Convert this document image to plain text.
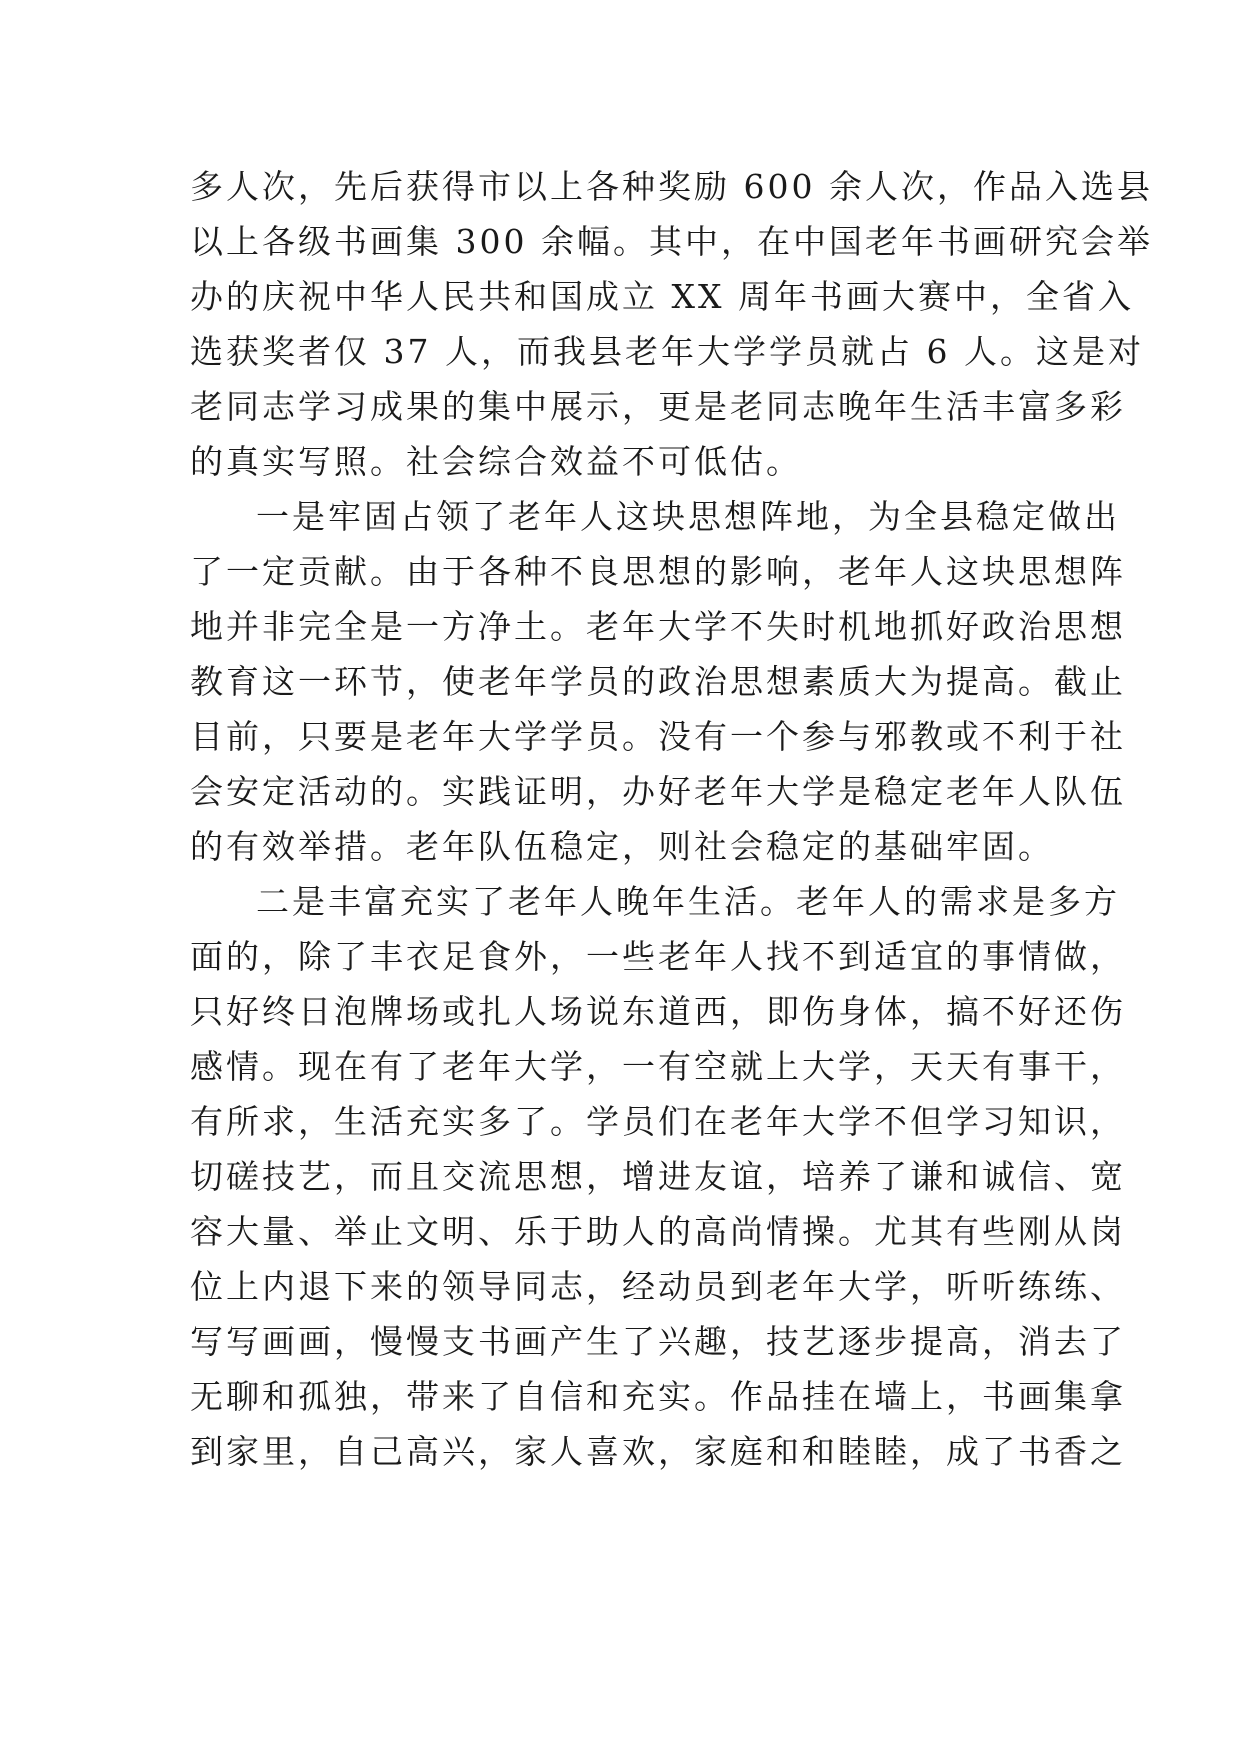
多人次，先后获得市以上各种奖励 600 余人次，作品入选县
以上各级书画集 300 余幅。其中，在中国老年书画研究会举
办的庆祝中华人民共和国成立 XX 周年书画大赛中，全省入
选获奖者仅 37 人，而我县老年大学学员就占 6 人。这是对
老同志学习成果的集中展示，更是老同志晚年生活丰富多彩
的真实写照。社会综合效益不可低估。
一是牢固占领了老年人这块思想阵地，为全县稳定做出
了一定贡献。由于各种不良思想的影响，老年人这块思想阵
地并非完全是一方净土。老年大学不失时机地抓好政治思想
教育这一环节，使老年学员的政治思想素质大为提高。截止
目前，只要是老年大学学员。没有一个参与邪教或不利于社
会安定活动的。实践证明，办好老年大学是稳定老年人队伍
的有效举措。老年队伍稳定，则社会稳定的基础牢固。
二是丰富充实了老年人晚年生活。老年人的需求是多方
面的，除了丰衣足食外，一些老年人找不到适宜的事情做，
只好终日泡牌场或扎人场说东道西，即伤身体，搞不好还伤
感情。现在有了老年大学，一有空就上大学，天天有事干，
有所求，生活充实多了。学员们在老年大学不但学习知识，
切磋技艺，而且交流思想，增进友谊，培养了谦和诚信、宽
容大量、举止文明、乐于助人的高尚情操。尤其有些刚从岗
位上内退下来的领导同志，经动员到老年大学，听听练练、
写写画画，慢慢支书画产生了兴趣，技艺逐步提高，消去了
无聊和孤独，带来了自信和充实。作品挂在墙上，书画集拿
到家里，自己高兴，家人喜欢，家庭和和睦睦，成了书香之
